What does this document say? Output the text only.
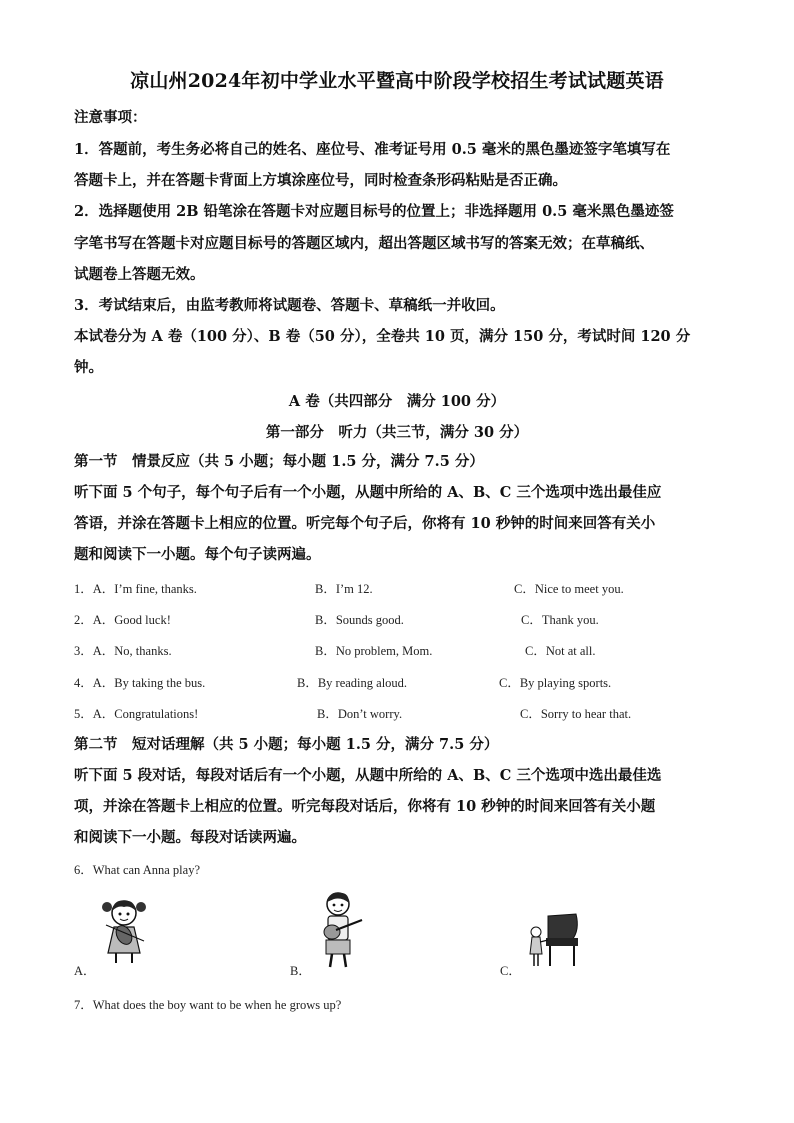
凉山州2024年初中学业水平暨高中阶段学校招生考试试题英语
注意事项：
1．答题前，考生务必将自己的姓名、座位号、准考证号用 0.5 毫米的黑色墨迹签字笔填写在
答题卡上，并在答题卡背面上方填涂座位号，同时检查条形码粘贴是否正确。
2．选择题使用 2B 铅笔涂在答题卡对应题目标号的位置上；非选择题用 0.5 毫米黑色墨迹签
字笔书写在答题卡对应题目标号的答题区域内，超出答题区域书写的答案无效；在草稿纸、
试题卷上答题无效。
3．考试结束后，由监考教师将试题卷、答题卡、草稿纸一并收回。
本试卷分为 A 卷（100 分）、B 卷（50 分），全卷共 10 页，满分 150 分，考试时间 120 分
钟。
A 卷（共四部分　满分 100 分）
第一部分　听力（共三节，满分 30 分）
第一节　情景反应（共 5 小题；每小题 1.5 分，满分 7.5 分）
听下面 5 个句子，每个句子后有一个小题，从题中所给的 A、B、C 三个选项中选出最佳应
答语，并涂在答题卡上相应的位置。听完每个句子后，你将有 10 秒钟的时间来回答有关小
题和阅读下一小题。每个句子读两遍。
1．A．I’m fine, thanks.	B．I’m 12.	C．Nice to meet you.
2．A．Good luck!	B．Sounds good.	C．Thank you.
3．A．No, thanks.	B．No problem, Mom.	C．Not at all.
4．A．By taking the bus.	B．By reading aloud.	C．By playing sports.
5．A．Congratulations!	B．Don’t worry.	C．Sorry to hear that.
第二节　短对话理解（共 5 小题；每小题 1.5 分，满分 7.5 分）
听下面 5 段对话，每段对话后有一个小题，从题中所给的 A、B、C 三个选项中选出最佳选
项，并涂在答题卡上相应的位置。听完每段对话后，你将有 10 秒钟的时间来回答有关小题
和阅读下一小题。每段对话读两遍。
6．What can Anna play?
A．	B．	C．
7．What does the boy want to be when he grows up?
